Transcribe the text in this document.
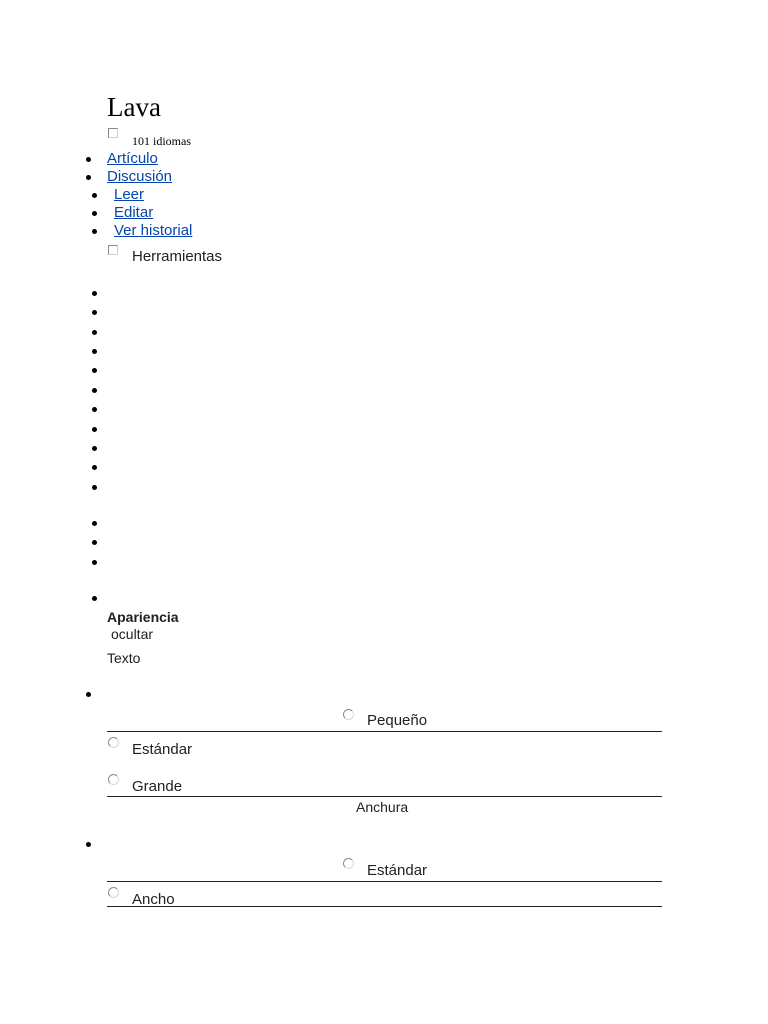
Lava
101 idiomas
Artículo
Discusión
Leer
Editar
Ver historial
Herramientas
Apariencia
ocultar
Texto
Pequeño
Estándar
Grande
Anchura
Estándar
Ancho
